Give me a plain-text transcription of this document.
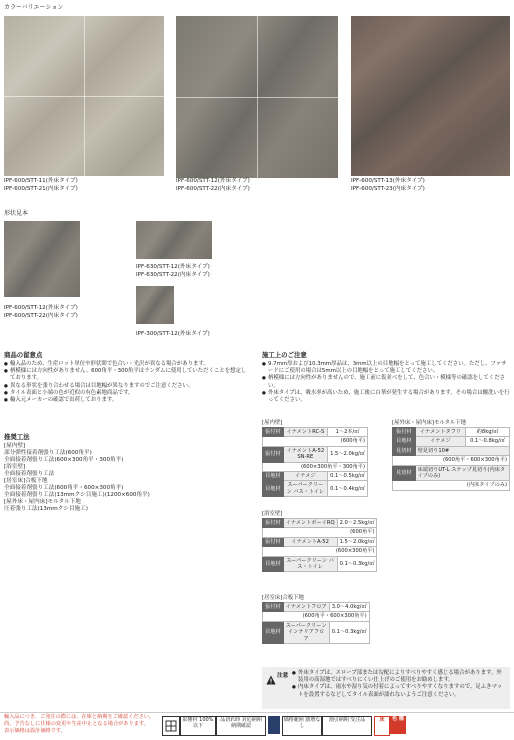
カラーバリエーション
IPF-600/STT-11(外床タイプ)
IPF-600/STT-21(内床タイプ)
IPF-600/STT-12(外床タイプ)
IPF-600/STT-22(内床タイプ)
IPF-600/STT-13(外床タイプ)
IPF-600/STT-23(内床タイプ)
形状見本
IPF-600/STT-12(外床タイプ)
IPF-600/STT-22(内床タイプ)
IPF-630/STT-12(外床タイプ)
IPF-630/STT-22(内床タイプ)
IPF-300/STT-12(外床タイプ)
商品の留意点
● 輸入品のため、生産ロット単位や形状間で色合い・光沢が異なる場合があります。
● 柄模様には方向性がありません。600角平・300角平はランダムに使用していただくことを想定しております。
● 異なる形状を張り合わせる場合は目地幅が異なりますのでご注意ください。
● タイル表面と小端の色が近似の有色素地商品です。
● 輸入元メーカーの確認で出荷しております。
施工上のご注意
● 9.7mm厚および10.3mm厚品は、3mm以上の目地幅をとって施工してください。ただし、ファサードにご使用の場合は5mm以上の目地幅をとって施工してください。
● 柄模様には方向性がありませんので、施工前に仮並べをして、色合い・模様等の確認をしてください。
● 外床タイプは、吸水率が高いため、施工後に白華が発生する場合があります。その場合は酸洗いを行ってください。
推奨工法
[屋内壁]
部分弾性接着剤張り工法(600角平)
全面接着剤張り工法(600×300角平・300角平)
[浴室壁]
全面接着剤張り工法
[居室床]合板下地
全面接着剤張り工法(600角平・600×300角平)
全面接着剤張り工法(13mmクシ目施工)(1200×600角平)
[屋外床・屋内床]モルタル下地
圧着張り工法(13mmクシ目施工)
[屋内壁]
張付材	イナメントRC-S	1〜2本/㎡
(600角平)		
張付材	イナメントA-52 SN-RE	1.5〜2.0kg/㎡
(600×300角平・300角平)		
目地材	イナメジ	0.1〜0.5kg/㎡
目地材	スーパークリーン バス・トイレ	0.1〜0.4kg/㎡
[浴室壁]
張付材	イナメントボーイRQ	2.0〜2.5kg/㎡
(600角平)		
張付材	イナメントA-52	1.5〜2.0kg/㎡
(600×300角平)		
目地材	スーパークリーン バス・トイレ	0.1〜0.3kg/㎡
[居室床]合板下地
張付材	イナメントフロア	3.0〜4.0kg/㎡
(600角平・600×300角平)		
目地材	スーパークリーン インテリアフロア	0.1〜0.3kg/㎡
[屋外床・屋内床]モルタル下地
張付材	イナメントタフリ	約8kg/㎡
目地材	イナメジ	0.1〜0.8kg/㎡
見切材	壁見切り10#	
(600角平・600×300角平)		
見切材	床端切りUT-L ステップ見切り(内床タイプのみ)	
(内床タイプのみ)		
注意	● 外床タイプは、スロープ部または勾配によりすべりやすく感じる場合があります。外装用の高湿地ではすべりにくい仕上げのご使用をお勧めします。
● 内床タイプは、雨水や湿り気の付着によってすべりやすくなりますので、足ふきマットを設置するなどしてタイル表面が濡れないようご注意ください。
輸入品につき、ご発注の際には、在庫と納期をご確認ください。
尚、予告なしに仕様の変更や生産中止となる場合があります。
表示価格は設計価格です。
影響材 100%以下
品切れ時 対応納期 納期確認
価格範囲 割増なし
割引納期 受注品	床	色 種
